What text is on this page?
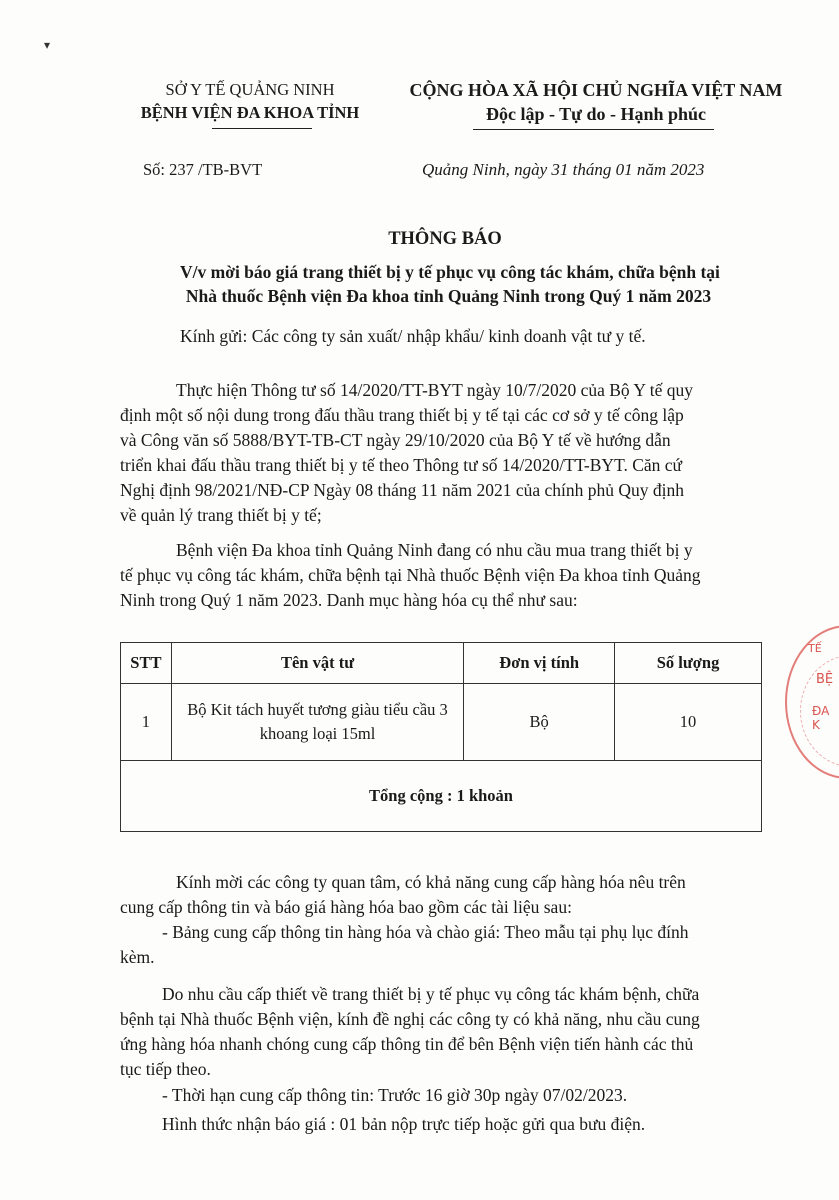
▾
SỞ Y TẾ QUẢNG NINH
BỆNH VIỆN ĐA KHOA TỈNH
CỘNG HÒA XÃ HỘI CHỦ NGHĨA VIỆT NAM
Độc lập - Tự do - Hạnh phúc
Số: 237 /TB-BVT	Quảng Ninh, ngày 31 tháng 01 năm 2023
THÔNG BÁO
V/v mời báo giá trang thiết bị y tế phục vụ công tác khám, chữa bệnh tại
Nhà thuốc Bệnh viện Đa khoa tỉnh Quảng Ninh trong Quý 1 năm 2023
Kính gửi: Các công ty sản xuất/ nhập khẩu/ kinh doanh vật tư y tế.
Thực hiện Thông tư số 14/2020/TT-BYT ngày 10/7/2020 của Bộ Y tế quy
định một số nội dung trong đấu thầu trang thiết bị y tế tại các cơ sở y tế công lập
và Công văn số 5888/BYT-TB-CT ngày 29/10/2020 của Bộ Y tế về hướng dẫn
triển khai đấu thầu trang thiết bị y tế theo Thông tư số 14/2020/TT-BYT. Căn cứ
Nghị định 98/2021/NĐ-CP Ngày 08 tháng 11 năm 2021 của chính phủ Quy định
về quản lý trang thiết bị y tế;
Bệnh viện Đa khoa tỉnh Quảng Ninh đang có nhu cầu mua trang thiết bị y
tế phục vụ công tác khám, chữa bệnh tại Nhà thuốc Bệnh viện Đa khoa tỉnh Quảng
Ninh trong Quý 1 năm 2023. Danh mục hàng hóa cụ thể như sau:
STT	Tên vật tư	Đơn vị tính	Số lượng
1	Bộ Kit tách huyết tương giàu tiểu cầu 3
khoang loại 15ml	Bộ	10
Tổng cộng : 1 khoản			
Kính mời các công ty quan tâm, có khả năng cung cấp hàng hóa nêu trên
cung cấp thông tin và báo giá hàng hóa bao gồm các tài liệu sau:
- Bảng cung cấp thông tin hàng hóa và chào giá: Theo mẫu tại phụ lục đính
kèm.
Do nhu cầu cấp thiết về trang thiết bị y tế phục vụ công tác khám bệnh, chữa
bệnh tại Nhà thuốc Bệnh viện, kính đề nghị các công ty có khả năng, nhu cầu cung
ứng hàng hóa nhanh chóng cung cấp thông tin để bên Bệnh viện tiến hành các thủ
tục tiếp theo.
- Thời hạn cung cấp thông tin: Trước 16 giờ 30p ngày 07/02/2023.
Hình thức nhận báo giá : 01 bản nộp trực tiếp hoặc gửi qua bưu điện.
TẾ
BỆ
ĐA K
